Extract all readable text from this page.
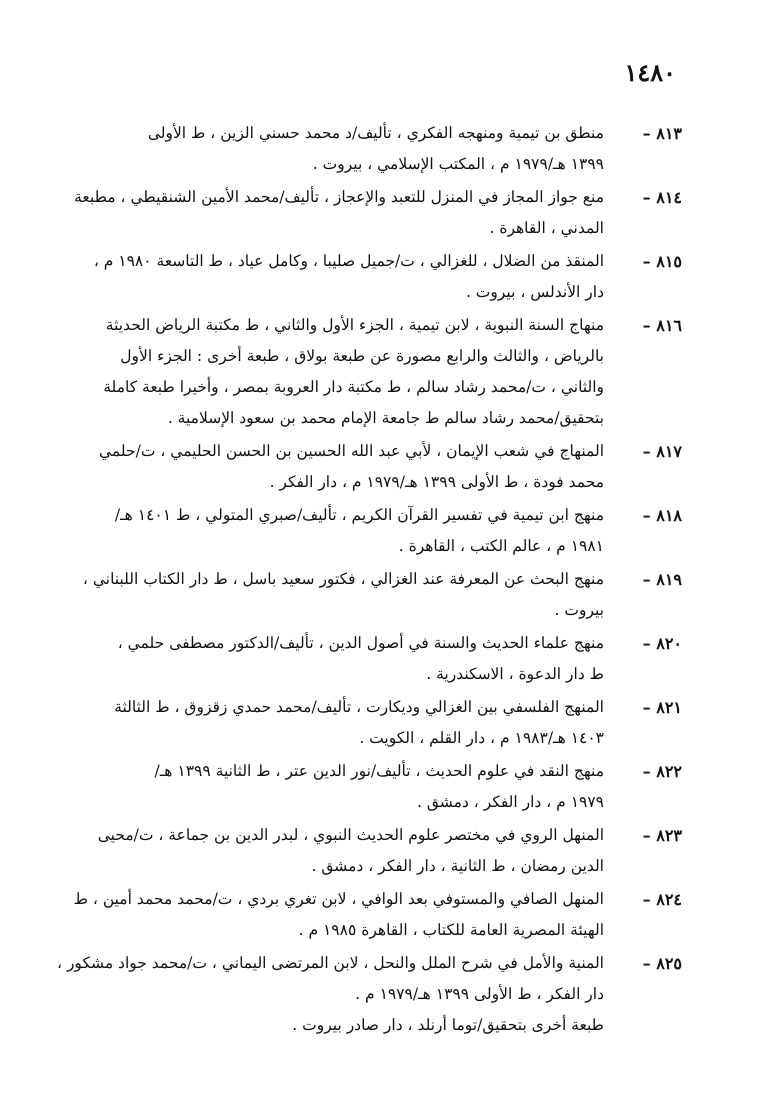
١٤٨٠
٨١٣ –
منطق بن تيمية ومنهجه الفكري ، تأليف/د محمد حسني الزين ، ط الأولى
١٣٩٩ هـ/١٩٧٩ م ، المكتب الإسلامي ، بيروت .
٨١٤ –
منع جواز المجاز في المنزل للتعبد والإعجاز ، تأليف/محمد الأمين الشنقيطي ، مطبعة
المدني ، القاهرة .
٨١٥ –
المنقذ من الضلال ، للغزالي ، ت/جميل صليبا ، وكامل عياد ، ط التاسعة ١٩٨٠ م ،
دار الأندلس ، بيروت .
٨١٦ –
منهاج السنة النبوية ، لابن تيمية ، الجزء الأول والثاني ، ط مكتبة الرياض الحديثة
بالرياض ، والثالث والرابع مصورة عن طبعة بولاق ، طبعة أخرى : الجزء الأول
والثاني ، ت/محمد رشاد سالم ، ط مكتبة دار العروبة بمصر ، وأخيرا طبعة كاملة
بتحقيق/محمد رشاد سالم ط جامعة الإمام محمد بن سعود الإسلامية .
٨١٧ –
المنهاج في شعب الإيمان ، لأبي عبد الله الحسين بن الحسن الحليمي ، ت/حلمي
محمد فودة ، ط الأولى ١٣٩٩ هـ/١٩٧٩ م ، دار الفكر .
٨١٨ –
منهج ابن تيمية في تفسير القرآن الكريم ، تأليف/صبري المتولي ، ط ١٤٠١ هـ/
١٩٨١ م ، عالم الكتب ، القاهرة .
٨١٩ –
منهج البحث عن المعرفة عند الغزالي ، فكتور سعيد باسل ، ط دار الكتاب اللبناني ،
بيروت .
٨٢٠ –
منهج علماء الحديث والسنة في أصول الدين ، تأليف/الدكتور مصطفى حلمي ،
ط دار الدعوة ، الاسكندرية .
٨٢١ –
المنهج الفلسفي بين الغزالي وديكارت ، تأليف/محمد حمدي زقزوق ، ط الثالثة
١٤٠٣ هـ/١٩٨٣ م ، دار القلم ، الكويت .
٨٢٢ –
منهج النقد في علوم الحديث ، تأليف/نور الدين عتر ، ط الثانية ١٣٩٩ هـ/
١٩٧٩ م ، دار الفكر ، دمشق .
٨٢٣ –
المنهل الروي في مختصر علوم الحديث النبوي ، لبدر الدين بن جماعة ، ت/محيى
الدين رمضان ، ط الثانية ، دار الفكر ، دمشق .
٨٢٤ –
المنهل الصافي والمستوفي بعد الوافي ، لابن تغري بردي ، ت/محمد محمد أمين ، ط
الهيئة المصرية العامة للكتاب ، القاهرة ١٩٨٥ م .
٨٢٥ –
المنية والأمل في شرح الملل والنحل ، لابن المرتضى اليماني ، ت/محمد جواد مشكور ،
دار الفكر ، ط الأولى ١٣٩٩ هـ/١٩٧٩ م .
طبعة أخرى بتحقيق/توما أرنلد ، دار صادر بيروت .
